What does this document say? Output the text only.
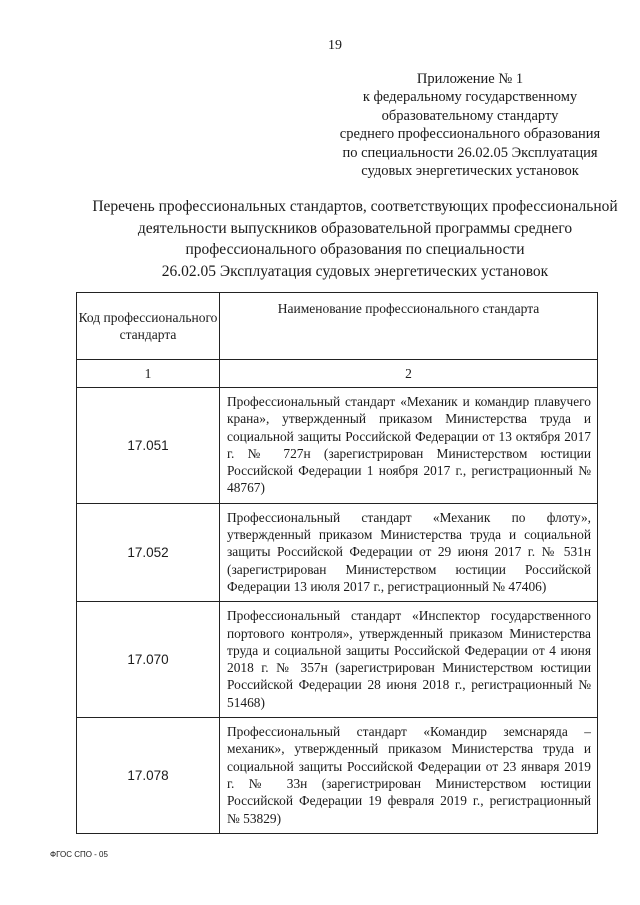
19
Приложение № 1
к федеральному государственному
образовательному стандарту
среднего профессионального образования
по специальности 26.02.05 Эксплуатация
судовых энергетических установок
Перечень профессиональных стандартов, соответствующих профессиональной
деятельности выпускников образовательной программы среднего
профессионального образования по специальности
26.02.05 Эксплуатация судовых энергетических установок
Код профессионального стандарта	Наименование профессионального стандарта
1	2
17.051	Профессиональный стандарт «Механик и командир плавучего крана», утвержденный приказом Министерства труда и социальной защиты Российской Федерации от 13 октября 2017 г. № 727н (зарегистрирован Министерством юстиции Российской Федерации 1 ноября 2017 г., регистрационный № 48767)
17.052	Профессиональный стандарт «Механик по флоту», утвержденный приказом Министерства труда и социальной защиты Российской Федерации от 29 июня 2017 г. № 531н (зарегистрирован Министерством юстиции Российской Федерации 13 июля 2017 г., регистрационный № 47406)
17.070	Профессиональный стандарт «Инспектор государственного портового контроля», утвержденный приказом Министерства труда и социальной защиты Российской Федерации от 4 июня 2018 г. № 357н (зарегистрирован Министерством юстиции Российской Федерации 28 июня 2018 г., регистрационный № 51468)
17.078	Профессиональный стандарт «Командир земснаряда – механик», утвержденный приказом Министерства труда и социальной защиты Российской Федерации от 23 января 2019 г. № 33н (зарегистрирован Министерством юстиции Российской Федерации 19 февраля 2019 г., регистрационный № 53829)
ФГОС СПО - 05
